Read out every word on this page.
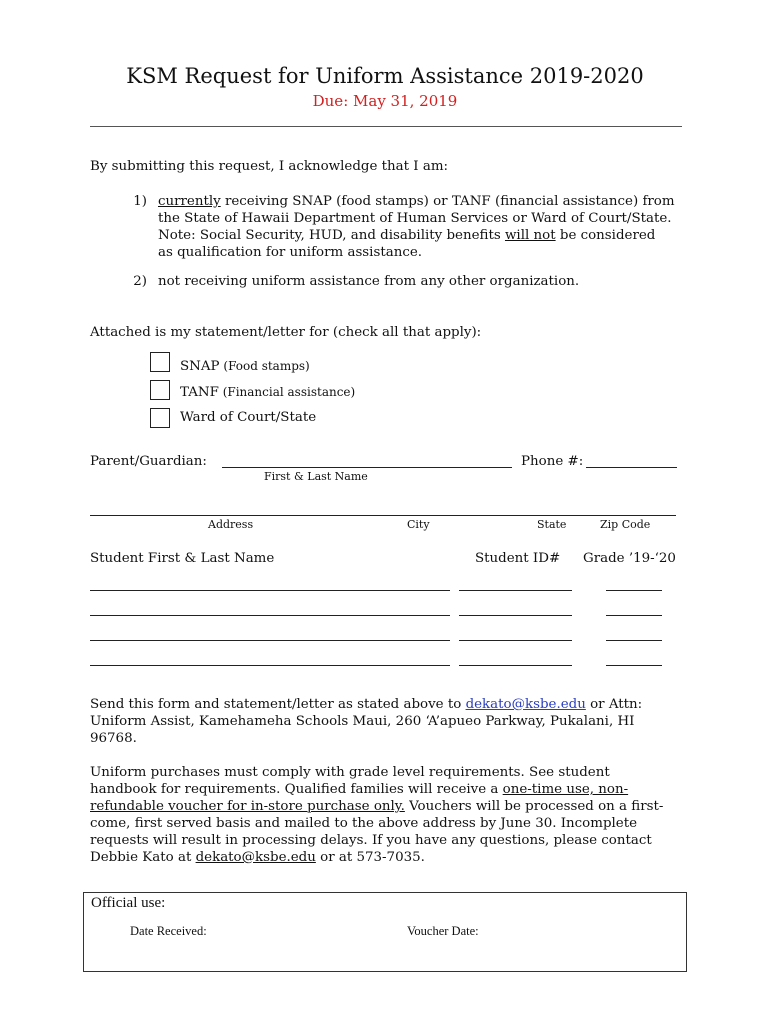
KSM Request for Uniform Assistance 2019-2020
Due: May 31, 2019
By submitting this request, I acknowledge that I am:
1) currently receiving SNAP (food stamps) or TANF (financial assistance) from
the State of Hawaii Department of Human Services or Ward of Court/State.
Note: Social Security, HUD, and disability benefits will not be considered
as qualification for uniform assistance.
2) not receiving uniform assistance from any other organization.
Attached is my statement/letter for (check all that apply):
SNAP (Food stamps)
TANF (Financial assistance)
Ward of Court/State
Parent/Guardian:
First & Last Name
Phone #:
Address	City	State	Zip Code
Student First & Last Name	Student ID# Grade ’19-‘20
Send this form and statement/letter as stated above to dekato@ksbe.edu or Attn:
Uniform Assist, Kamehameha Schools Maui, 260 ‘A’apueo Parkway, Pukalani, HI
96768.
Uniform purchases must comply with grade level requirements. See student
handbook for requirements. Qualified families will receive a one-time use, non-
refundable voucher for in-store purchase only. Vouchers will be processed on a first-
come, first served basis and mailed to the above address by June 30. Incomplete
requests will result in processing delays. If you have any questions, please contact
Debbie Kato at dekato@ksbe.edu or at 573-7035.
Official use:
Date Received:	Voucher Date:
